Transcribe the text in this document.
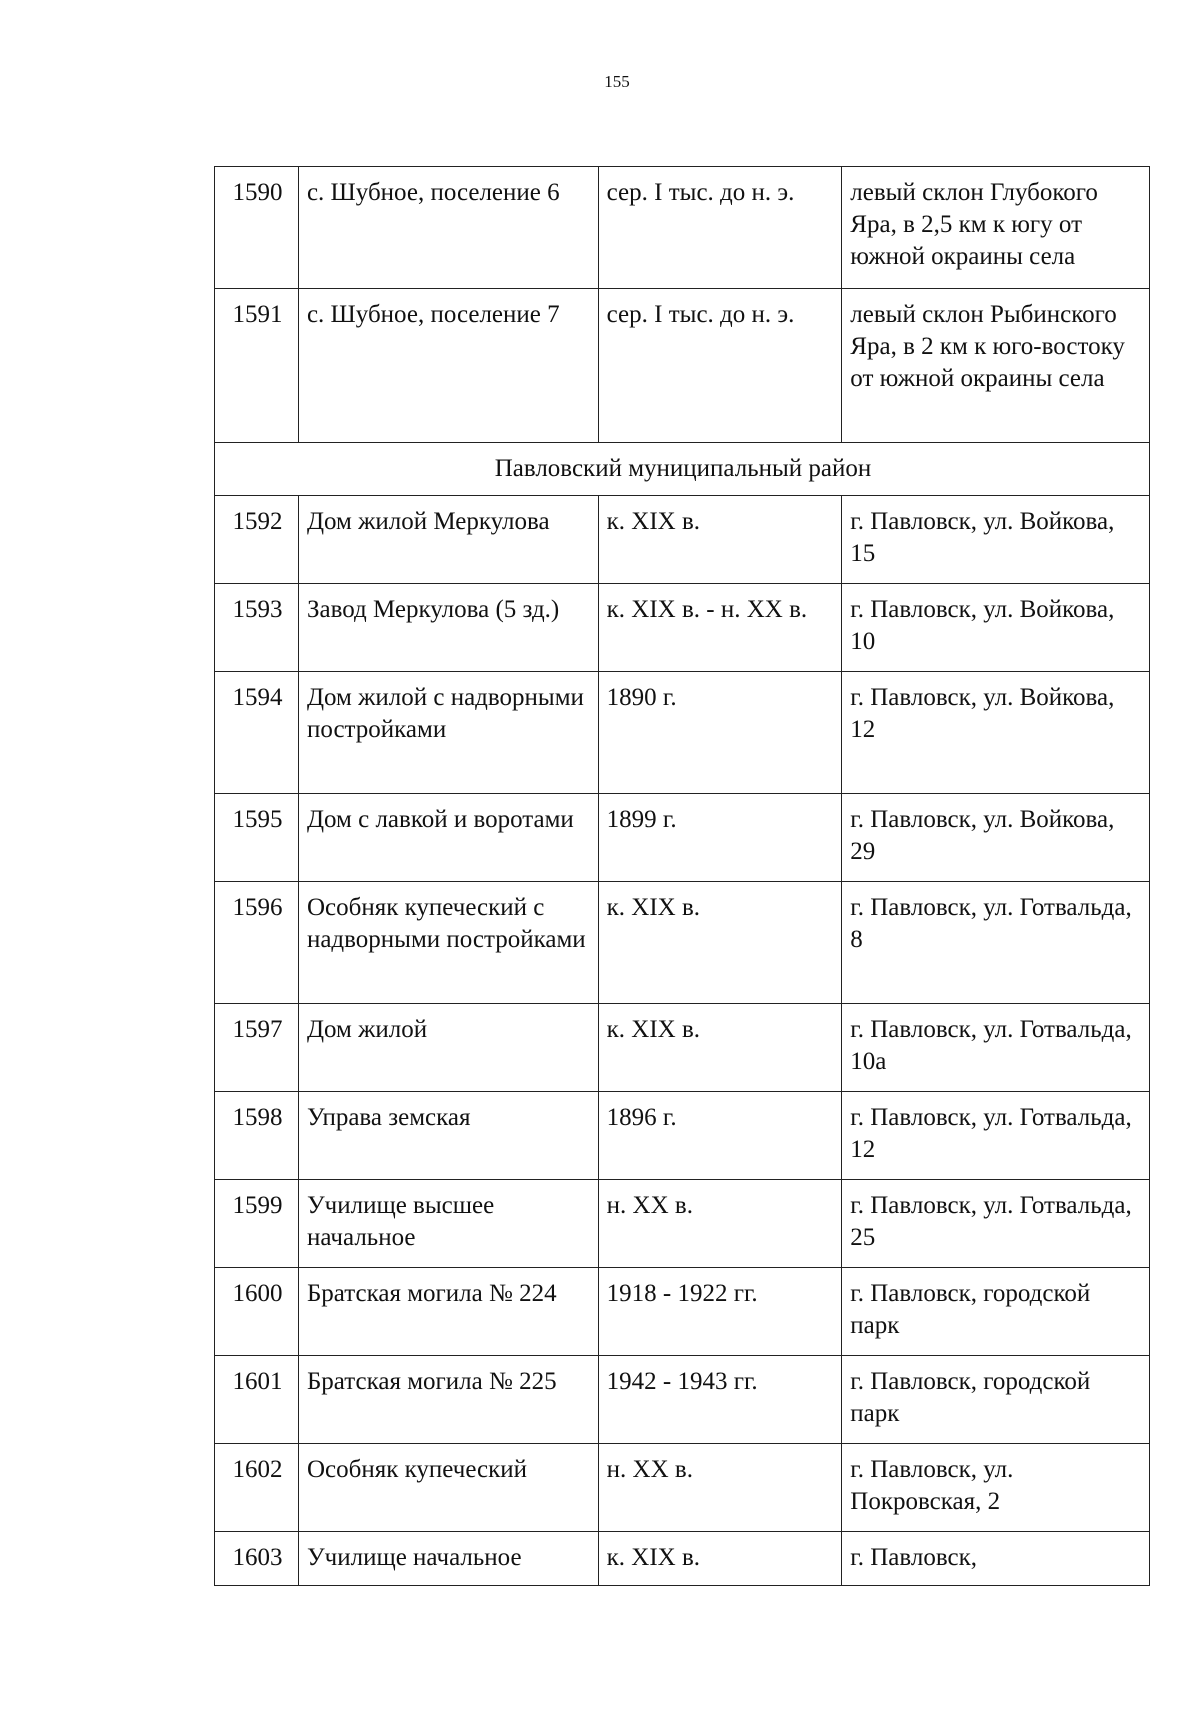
155
1590	с. Шубное, поселение 6	сер. I тыс. до н. э.	левый склон Глубокого Яра, в 2,5 км к югу от южной окраины села
1591	с. Шубное, поселение 7	сер. I тыс. до н. э.	левый склон Рыбинского Яра, в 2 км к юго-востоку от южной окраины села
Павловский муниципальный район			
1592	Дом жилой Меркулова	к. XIX в.	г. Павловск, ул. Войкова, 15
1593	Завод Меркулова (5 зд.)	к. XIX в. - н. XX в.	г. Павловск, ул. Войкова, 10
1594	Дом жилой с надворными постройками	1890 г.	г. Павловск, ул. Войкова, 12
1595	Дом с лавкой и воротами	1899 г.	г. Павловск, ул. Войкова, 29
1596	Особняк купеческий с надворными постройками	к. XIX в.	г. Павловск, ул. Готвальда, 8
1597	Дом жилой	к. XIX в.	г. Павловск, ул. Готвальда, 10а
1598	Управа земская	1896 г.	г. Павловск, ул. Готвальда, 12
1599	Училище высшее начальное	н. XX в.	г. Павловск, ул. Готвальда, 25
1600	Братская могила № 224	1918 - 1922 гг.	г. Павловск, городской парк
1601	Братская могила № 225	1942 - 1943 гг.	г. Павловск, городской парк
1602	Особняк купеческий	н. XX в.	г. Павловск, ул. Покровская, 2
1603	Училище начальное	к. XIX в.	г. Павловск,
